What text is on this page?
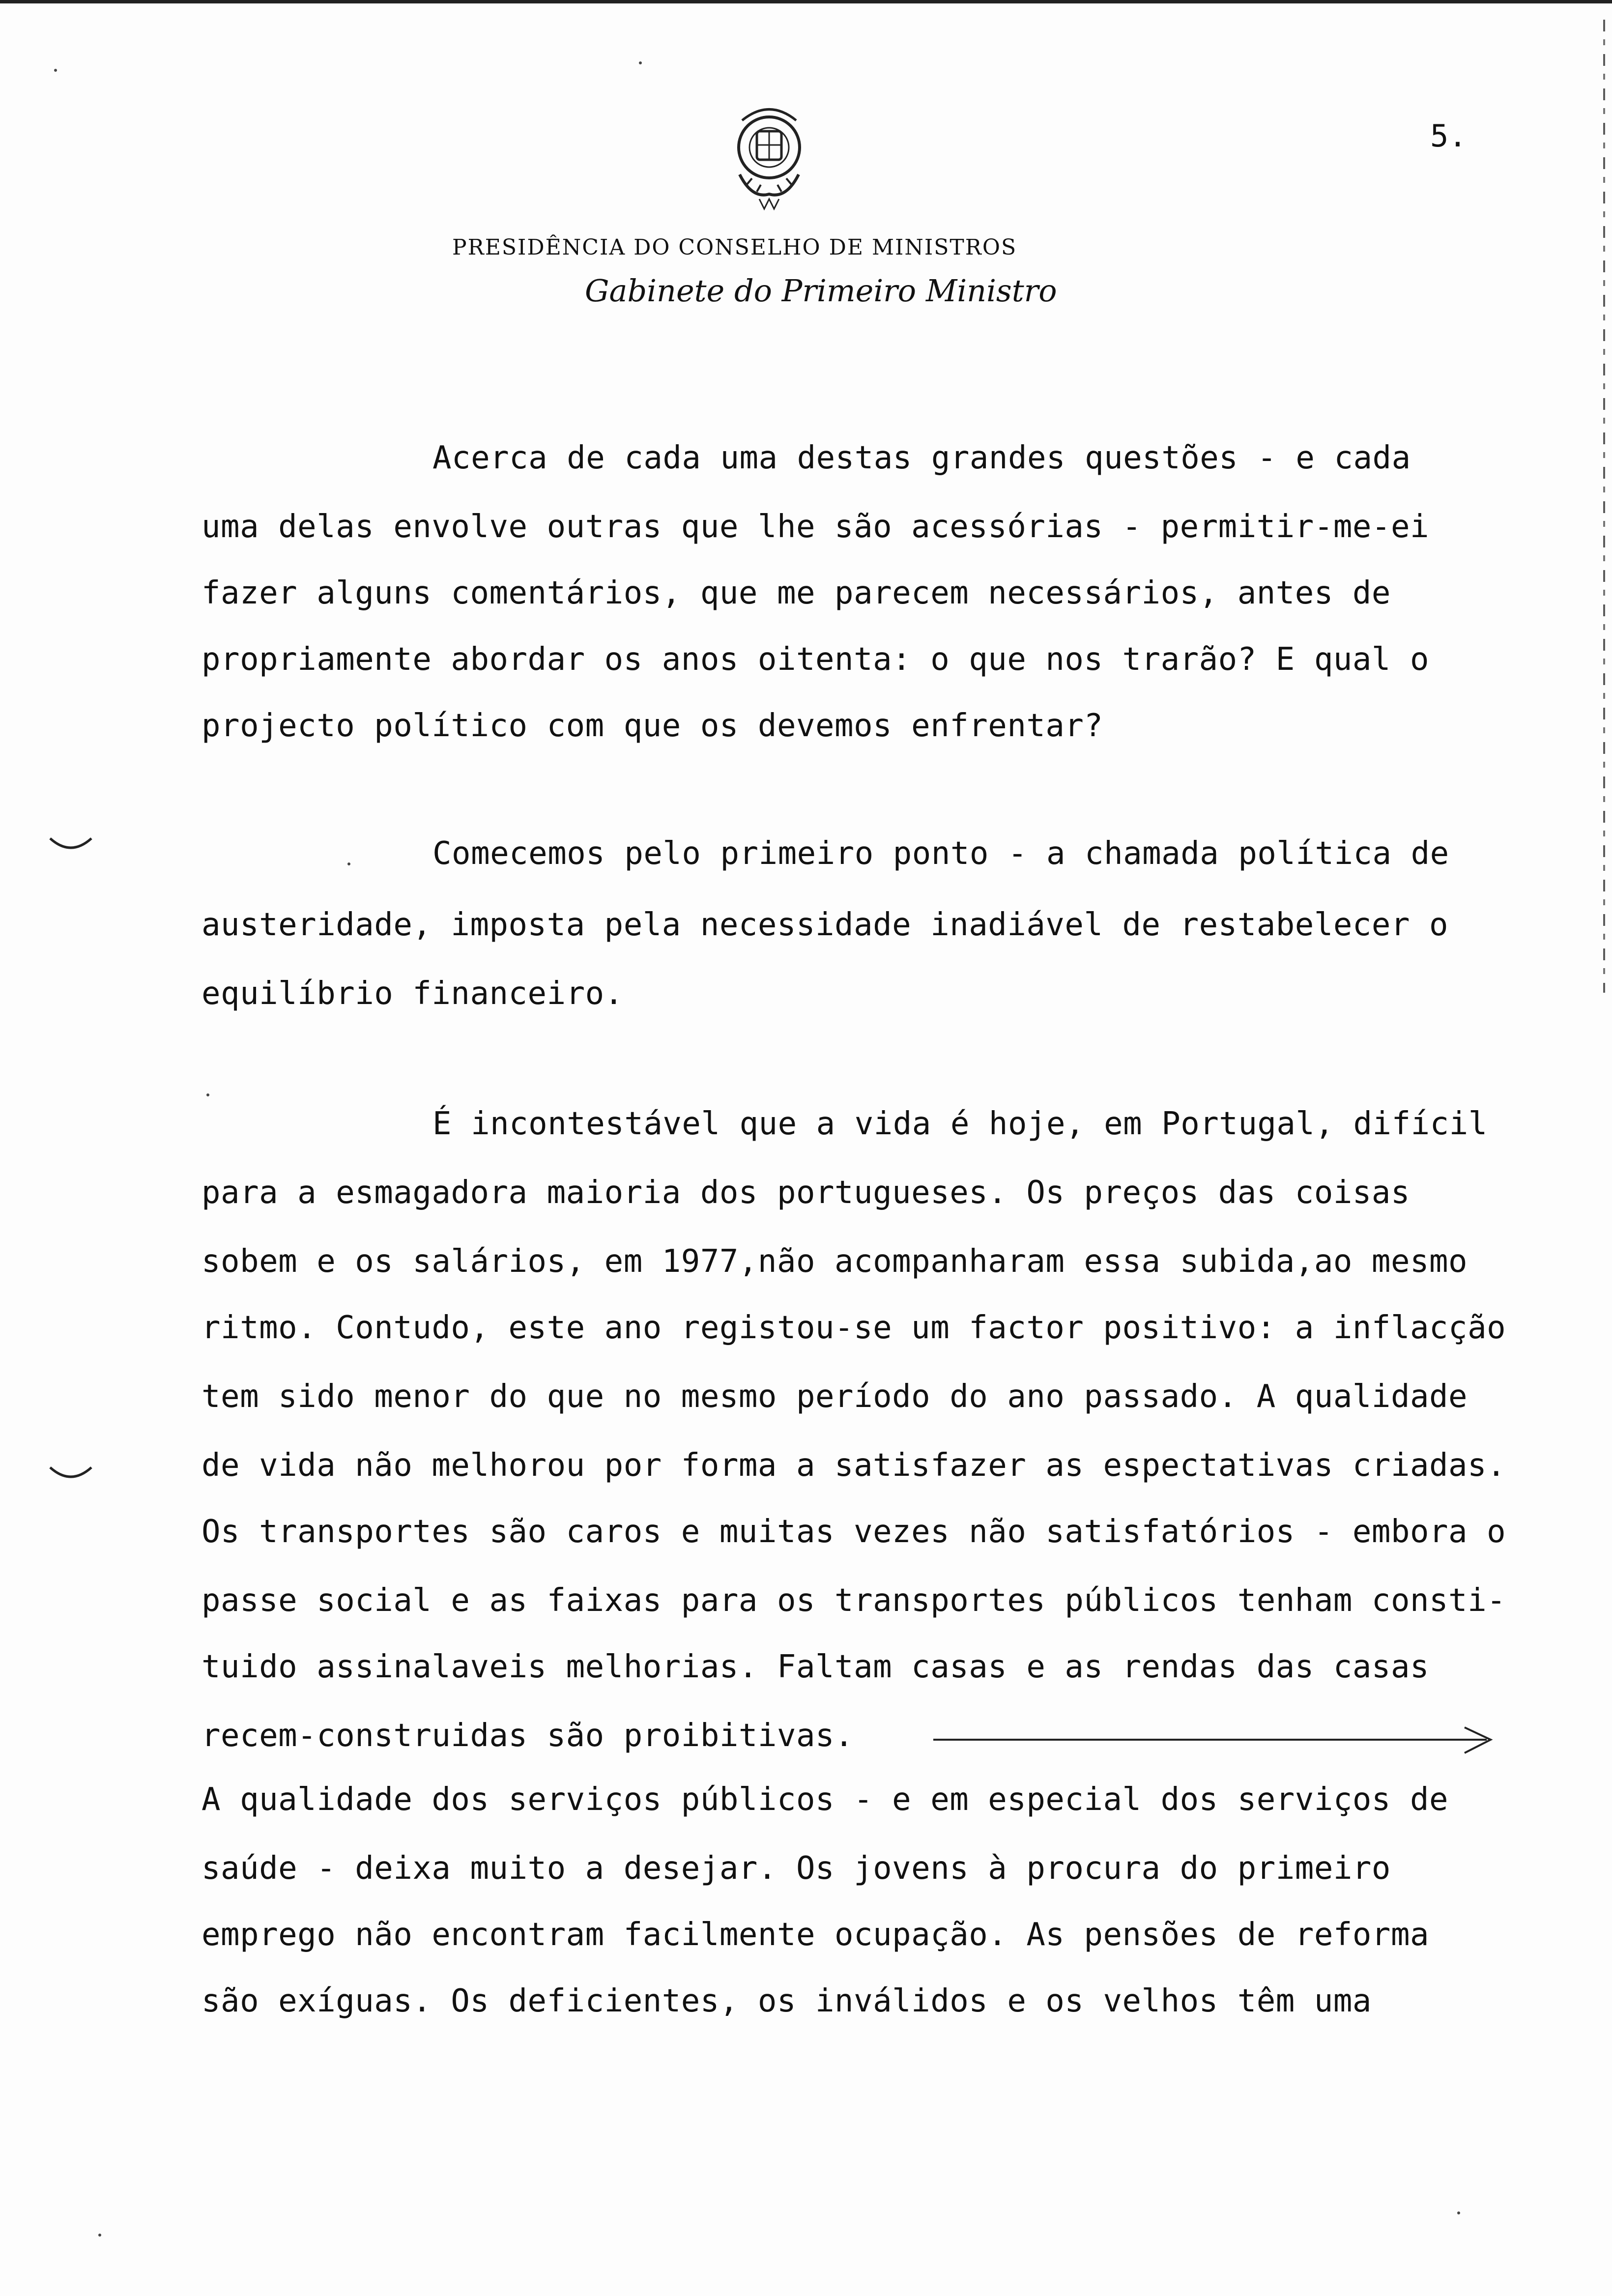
5.
PRESIDÊNCIA DO CONSELHO DE MINISTROS
Gabinete do Primeiro Ministro
Acerca de cada uma destas grandes questões - e cada
uma delas envolve outras que lhe são acessórias - permitir-me-ei
fazer alguns comentários, que me parecem necessários, antes de
propriamente abordar os anos oitenta: o que nos trarão? E qual o
projecto político com que os devemos enfrentar?
Comecemos pelo primeiro ponto - a chamada política de
austeridade, imposta pela necessidade inadiável de restabelecer o
equilíbrio financeiro.
É incontestável que a vida é hoje, em Portugal, difícil
para a esmagadora maioria dos portugueses. Os preços das coisas
sobem e os salários, em 1977,não acompanharam essa subida,ao mesmo
ritmo. Contudo, este ano registou-se um factor positivo: a inflacção
tem sido menor do que no mesmo período do ano passado. A qualidade
de vida não melhorou por forma a satisfazer as espectativas criadas.
Os transportes são caros e muitas vezes não satisfatórios - embora o
passe social e as faixas para os transportes públicos tenham consti-
tuido assinalaveis melhorias. Faltam casas e as rendas das casas
recem-construidas são proibitivas.
A qualidade dos serviços públicos - e em especial dos serviços de
saúde - deixa muito a desejar. Os jovens à procura do primeiro
emprego não encontram facilmente ocupação. As pensões de reforma
são exíguas. Os deficientes, os inválidos e os velhos têm uma
